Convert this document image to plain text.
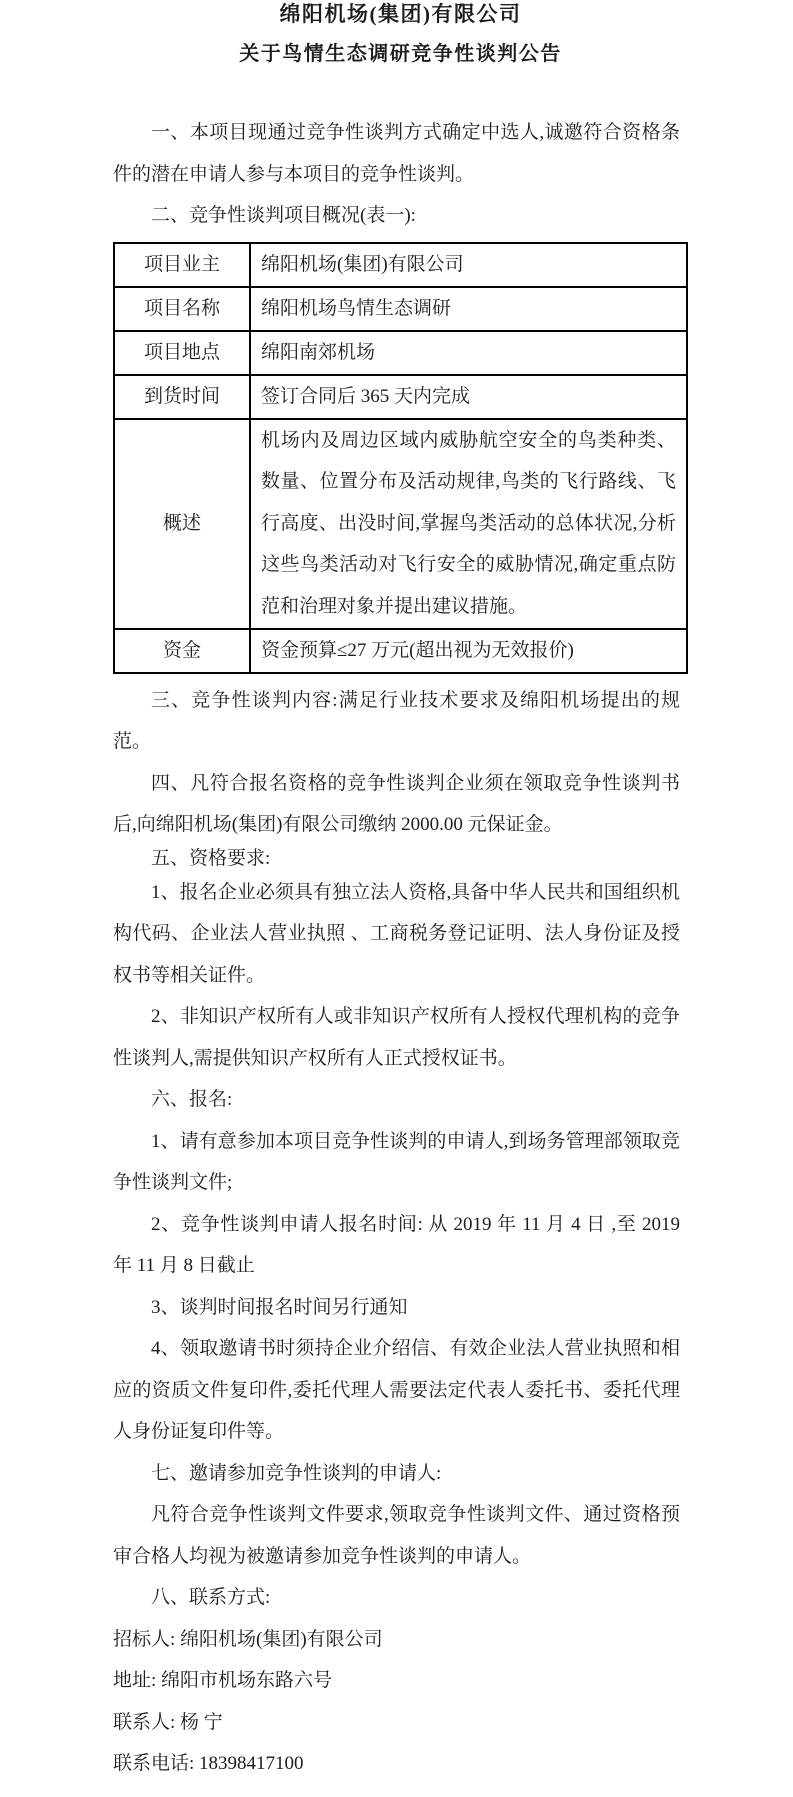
绵阳机场(集团)有限公司
关于鸟情生态调研竞争性谈判公告

一、本项目现通过竞争性谈判方式确定中选人,诚邀符合资格条件的潜在申请人参与本项目的竞争性谈判。

二、竞争性谈判项目概况(表一):

项目业主	绵阳机场(集团)有限公司
项目名称	绵阳机场鸟情生态调研
项目地点	绵阳南郊机场
到货时间	签订合同后 365 天内完成
概述	机场内及周边区域内威胁航空安全的鸟类种类、数量、位置分布及活动规律,鸟类的飞行路线、飞行高度、出没时间,掌握鸟类活动的总体状况,分析这些鸟类活动对飞行安全的威胁情况,确定重点防范和治理对象并提出建议措施。
资金	资金预算≤27 万元(超出视为无效报价)

三、竞争性谈判内容:满足行业技术要求及绵阳机场提出的规范。

四、凡符合报名资格的竞争性谈判企业须在领取竞争性谈判书后,向绵阳机场(集团)有限公司缴纳 2000.00 元保证金。

五、资格要求:

1、报名企业必须具有独立法人资格,具备中华人民共和国组织机构代码、企业法人营业执照 、工商税务登记证明、法人身份证及授权书等相关证件。

2、非知识产权所有人或非知识产权所有人授权代理机构的竞争性谈判人,需提供知识产权所有人正式授权证书。

六、报名:

1、请有意参加本项目竞争性谈判的申请人,到场务管理部领取竞争性谈判文件;

2、竞争性谈判申请人报名时间: 从 2019 年 11 月 4 日 ,至 2019 年 11 月 8 日截止

3、谈判时间报名时间另行通知

4、领取邀请书时须持企业介绍信、有效企业法人营业执照和相应的资质文件复印件,委托代理人需要法定代表人委托书、委托代理人身份证复印件等。

七、邀请参加竞争性谈判的申请人:

凡符合竞争性谈判文件要求,领取竞争性谈判文件、通过资格预审合格人均视为被邀请参加竞争性谈判的申请人。

八、联系方式:

招标人: 绵阳机场(集团)有限公司

地址: 绵阳市机场东路六号

联系人: 杨 宁

联系电话: 18398417100
